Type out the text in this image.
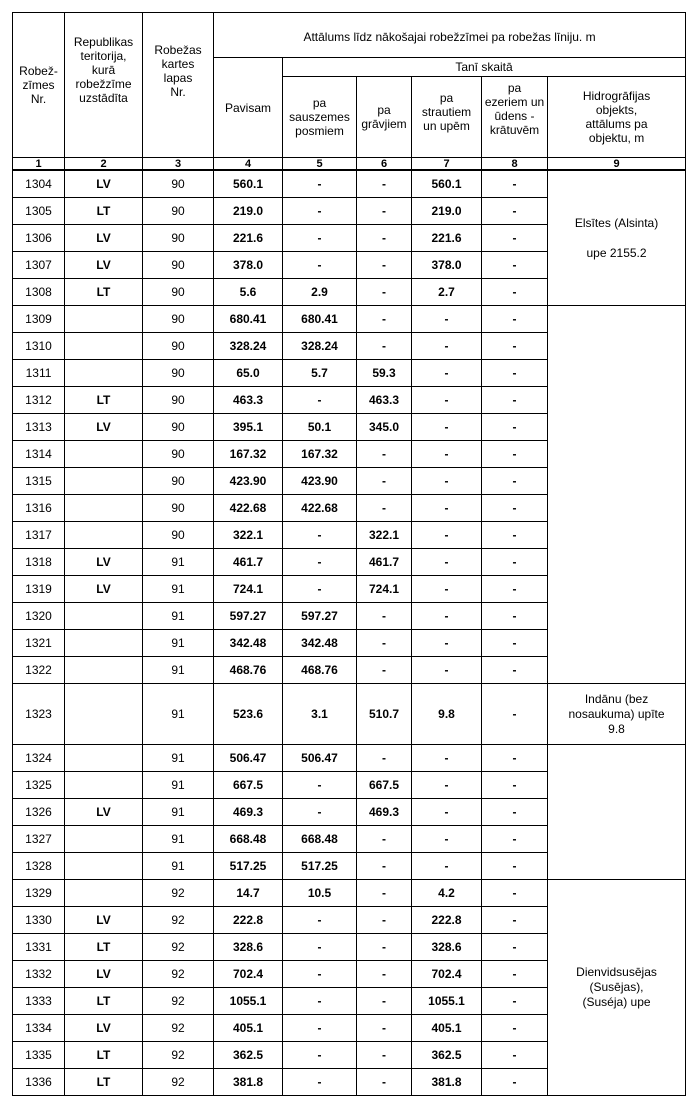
Robež-
zīmes
Nr.	Republikas
teritorija,
kurā
robežzīme
uzstādīta	Robežas
kartes
lapas
Nr.	Attālums līdz nākošajai robežzīmei pa robežas līniju. m					
			Pavisam	Tanī skaitā				
				pa
sauszemes
posmiem	pa
grāvjiem	pa strautiem
un upēm	pa
ezeriem un
ūdens -
krātuvēm	Hidrogrāfijas
objekts,
attālums pa
objektu, m
1	2	3	4	5	6	7	8	9
1304	LV	90	560.1	-	-	560.1	-	Elsītes (Alsinta)

upe 2155.2
1305	LT	90	219.0	-	-	219.0	-	
1306	LV	90	221.6	-	-	221.6	-	
1307	LV	90	378.0	-	-	378.0	-	
1308	LT	90	5.6	2.9	-	2.7	-	
1309		90	680.41	680.41	-	-	-	
1310		90	328.24	328.24	-	-	-	
1311		90	65.0	5.7	59.3	-	-	
1312	LT	90	463.3	-	463.3	-	-	
1313	LV	90	395.1	50.1	345.0	-	-	
1314		90	167.32	167.32	-	-	-	
1315		90	423.90	423.90	-	-	-	
1316		90	422.68	422.68	-	-	-	
1317		90	322.1	-	322.1	-	-	
1318	LV	91	461.7	-	461.7	-	-	
1319	LV	91	724.1	-	724.1	-	-	
1320		91	597.27	597.27	-	-	-	
1321		91	342.48	342.48	-	-	-	
1322		91	468.76	468.76	-	-	-	
1323		91	523.6	3.1	510.7	9.8	-	Indānu (bez
nosaukuma) upīte
9.8
1324		91	506.47	506.47	-	-	-	
1325		91	667.5	-	667.5	-	-	
1326	LV	91	469.3	-	469.3	-	-	
1327		91	668.48	668.48	-	-	-	
1328		91	517.25	517.25	-	-	-	
1329		92	14.7	10.5	-	4.2	-	Dienvidsusējas
(Susējas),
(Suséja) upe
1330	LV	92	222.8	-	-	222.8	-	
1331	LT	92	328.6	-	-	328.6	-	
1332	LV	92	702.4	-	-	702.4	-	
1333	LT	92	1055.1	-	-	1055.1	-	
1334	LV	92	405.1	-	-	405.1	-	
1335	LT	92	362.5	-	-	362.5	-	
1336	LT	92	381.8	-	-	381.8	-	
